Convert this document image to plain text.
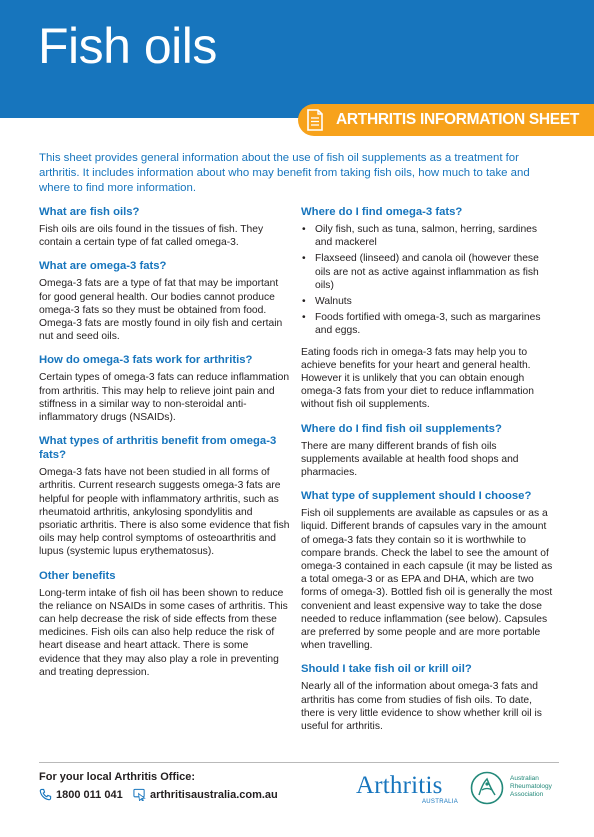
Fish oils
ARTHRITIS INFORMATION SHEET
This sheet provides general information about the use of fish oil supplements as a treatment for arthritis. It includes information about who may benefit from taking fish oils, how much to take and where to find more information.
What are fish oils?
Fish oils are oils found in the tissues of fish. They contain a certain type of fat called omega-3.
What are omega-3 fats?
Omega-3 fats are a type of fat that may be important for good general health. Our bodies cannot produce omega-3 fats so they must be obtained from food. Omega-3 fats are mostly found in oily fish and certain nut and seed oils.
How do omega-3 fats work for arthritis?
Certain types of omega-3 fats can reduce inflammation from arthritis. This may help to relieve joint pain and stiffness in a similar way to non-steroidal anti-inflammatory drugs (NSAIDs).
What types of arthritis benefit from omega-3 fats?
Omega-3 fats have not been studied in all forms of arthritis. Current research suggests omega-3 fats are helpful for people with inflammatory arthritis, such as rheumatoid arthritis, ankylosing spondylitis and psoriatic arthritis. There is also some evidence that fish oils may help control symptoms of osteoarthritis and lupus (systemic lupus erythematosus).
Other benefits
Long-term intake of fish oil has been shown to reduce the reliance on NSAIDs in some cases of arthritis. This can help decrease the risk of side effects from these medicines. Fish oils can also help reduce the risk of heart disease and heart attack. There is some evidence that they may also play a role in preventing and treating depression.
Where do I find omega-3 fats?
• Oily fish, such as tuna, salmon, herring, sardines and mackerel
• Flaxseed (linseed) and canola oil (however these oils are not as active against inflammation as fish oils)
• Walnuts
• Foods fortified with omega-3, such as margarines and eggs.
Eating foods rich in omega-3 fats may help you to achieve benefits for your heart and general health. However it is unlikely that you can obtain enough omega-3 fats from your diet to reduce inflammation without fish oil supplements.
Where do I find fish oil supplements?
There are many different brands of fish oils supplements available at health food shops and pharmacies.
What type of supplement should I choose?
Fish oil supplements are available as capsules or as a liquid. Different brands of capsules vary in the amount of omega-3 fats they contain so it is worthwhile to compare brands. Check the label to see the amount of omega-3 contained in each capsule (it may be listed as a total omega-3 or as EPA and DHA, which are two forms of omega-3). Bottled fish oil is generally the most convenient and least expensive way to take the dose needed to reduce inflammation (see below). Capsules are preferred by some people and are more portable when travelling.
Should I take fish oil or krill oil?
Nearly all of the information about omega-3 fats and arthritis has come from studies of fish oils. To date, there is very little evidence to show whether krill oil is useful for arthritis.
For your local Arthritis Office:
1800 011 041 arthritisaustralia.com.au	Arthritis
AUSTRALIA
Australian
Rheumatology
Association
